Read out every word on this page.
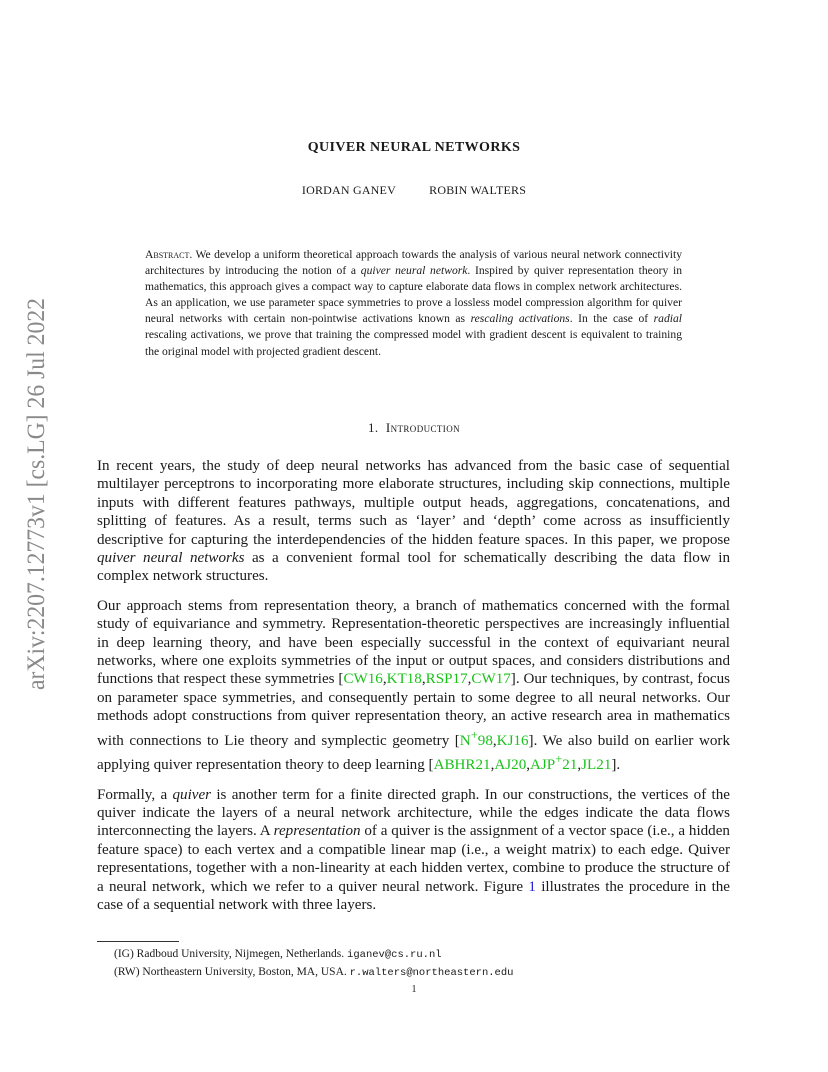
arXiv:2207.12773v1 [cs.LG] 26 Jul 2022
QUIVER NEURAL NETWORKS
IORDAN GANEV	ROBIN WALTERS
Abstract. We develop a uniform theoretical approach towards the analysis of various neural network connectivity architectures by introducing the notion of a quiver neural network. Inspired by quiver representation theory in mathematics, this approach gives a compact way to capture elaborate data flows in complex network architectures. As an application, we use parameter space symmetries to prove a lossless model compression algorithm for quiver neural networks with certain non-pointwise activations known as rescaling activations. In the case of radial rescaling activations, we prove that training the compressed model with gradient descent is equivalent to training the original model with projected gradient descent.
1. Introduction

In recent years, the study of deep neural networks has advanced from the basic case of sequential multilayer perceptrons to incorporating more elaborate structures, including skip connections, multiple inputs with different features pathways, multiple output heads, aggregations, concatenations, and splitting of features. As a result, terms such as ‘layer’ and ‘depth’ come across as insufficiently descriptive for capturing the interdependencies of the hidden feature spaces. In this paper, we propose quiver neural networks as a convenient formal tool for schematically describing the data flow in complex network structures.

Our approach stems from representation theory, a branch of mathematics concerned with the formal study of equivariance and symmetry. Representation-theoretic perspectives are increasingly influential in deep learning theory, and have been especially successful in the context of equivariant neural networks, where one exploits symmetries of the input or output spaces, and considers distributions and functions that respect these symmetries [CW16,KT18,RSP17,CW17]. Our techniques, by contrast, focus on parameter space symmetries, and consequently pertain to some degree to all neural networks. Our methods adopt constructions from quiver representation theory, an active research area in mathematics with connections to Lie theory and symplectic geometry [N+98,KJ16]. We also build on earlier work applying quiver representation theory to deep learning [ABHR21,AJ20,AJP+21,JL21].

Formally, a quiver is another term for a finite directed graph. In our constructions, the vertices of the quiver indicate the layers of a neural network architecture, while the edges indicate the data flows interconnecting the layers. A representation of a quiver is the assignment of a vector space (i.e., a hidden feature space) to each vertex and a compatible linear map (i.e., a weight matrix) to each edge. Quiver representations, together with a non-linearity at each hidden vertex, combine to produce the structure of a neural network, which we refer to a quiver neural network. Figure 1 illustrates the procedure in the case of a sequential network with three layers.

(IG) Radboud University, Nijmegen, Netherlands. iganev@cs.ru.nl
(RW) Northeastern University, Boston, MA, USA. r.walters@northeastern.edu
1
